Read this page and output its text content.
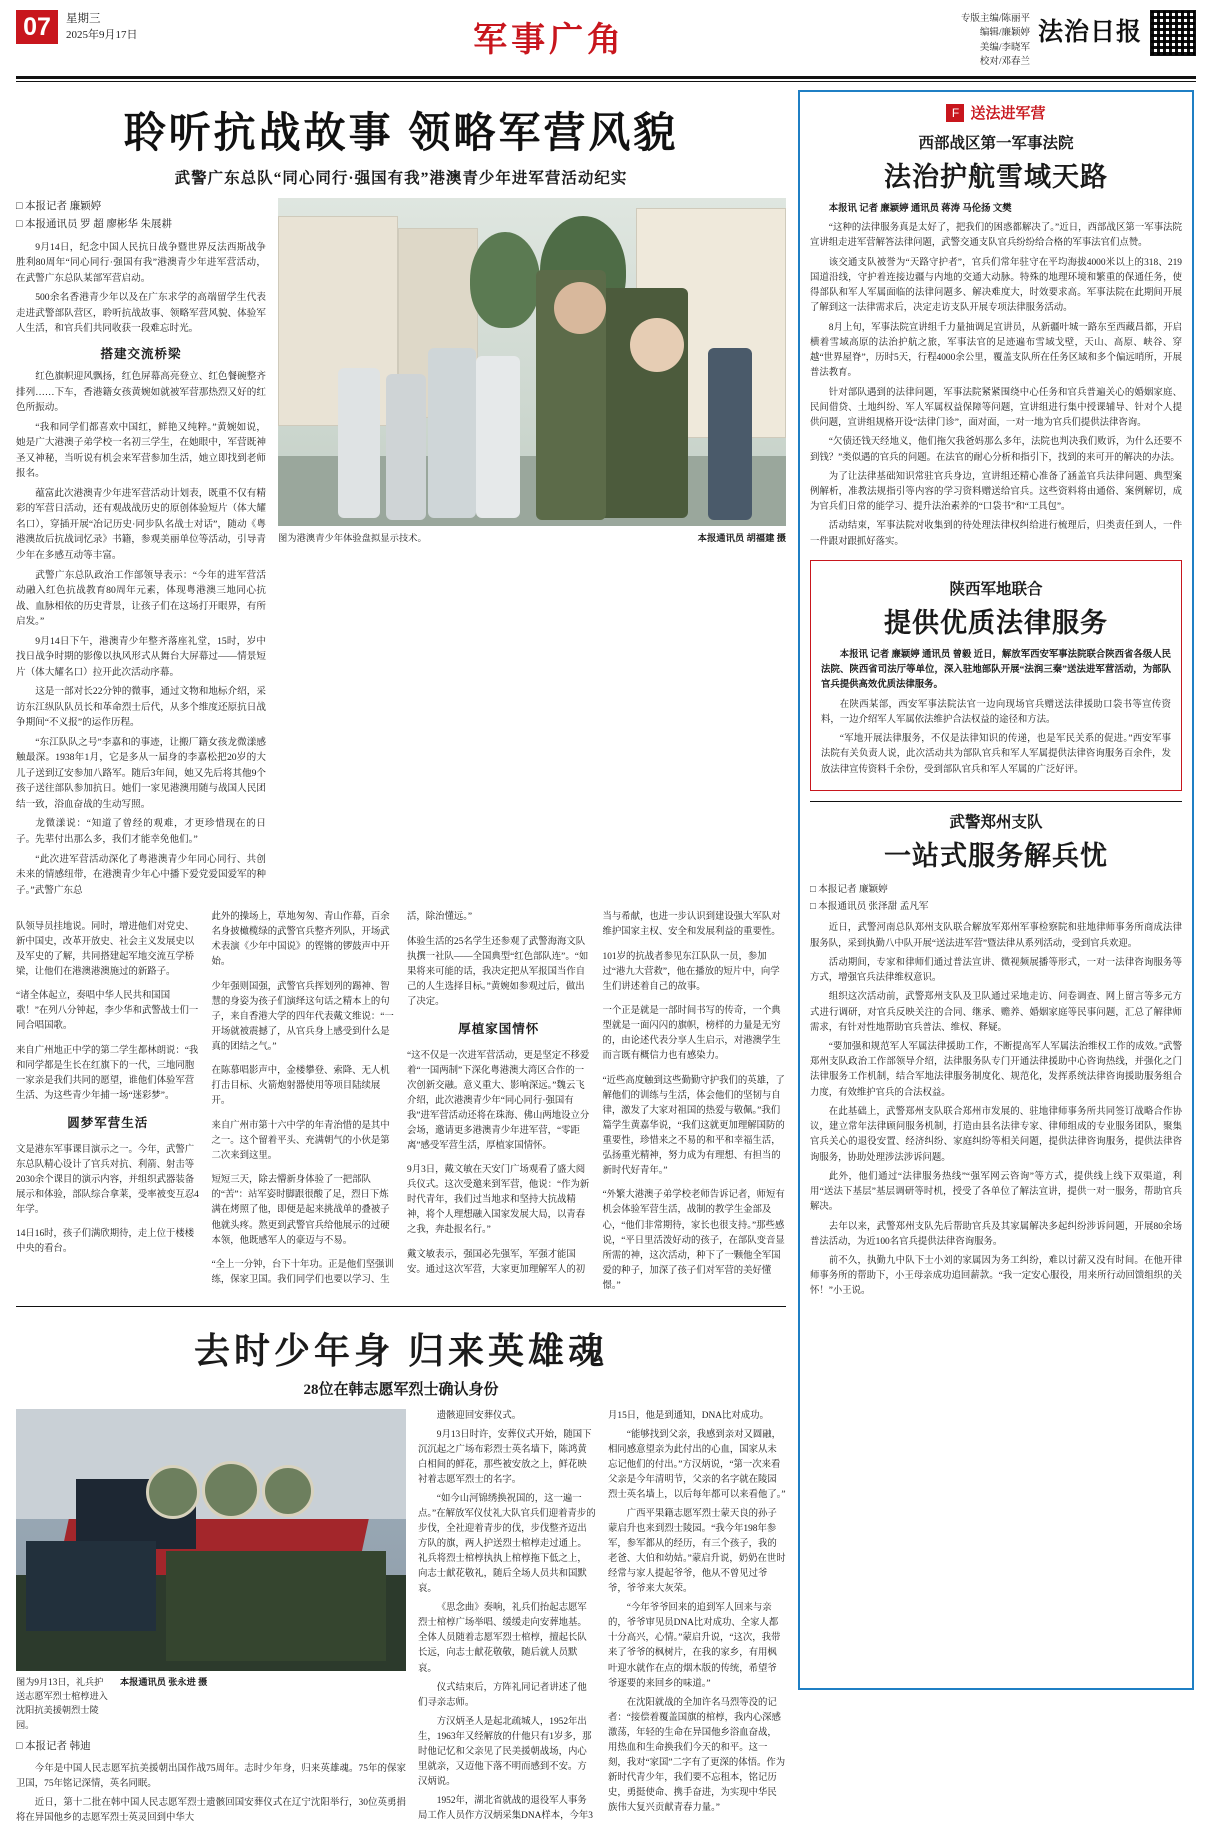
07	星期三
2025年9月17日	军事广角
专版主编/陈丽平
编辑/廉颖婷
美编/李晓军
校对/邓春兰
法治日报
聆听抗战故事 领略军营风貌
武警广东总队“同心同行·强国有我”港澳青少年进军营活动纪实
□ 本报记者 廉颖婷
□ 本报通讯员 罗 超 廖彬华 朱展耕

9月14日，纪念中国人民抗日战争暨世界反法西斯战争胜利80周年“同心同行·强国有我”港澳青少年进军营活动，在武警广东总队某部军营启动。

500余名香港青少年以及在广东求学的高端留学生代表走进武警部队营区，聆听抗战故事、领略军营风貌、体验军人生活，和官兵们共同收获一段难忘时光。

搭建交流桥梁

红色旗帜迎风飘扬，红色屏幕高亮登立、红色餐碗整齐排列……下车，香港籍女孩黄婉如就被军营那热烈又好的红色所振动。

“我和同学们都喜欢中国红，鲜艳又纯粹。”黄婉如说，她是广大港澳子弟学校一名初三学生，在她眼中，军营既神圣又神秘，当听说有机会来军营参加生活，她立即找到老师报名。

蕴富此次港澳青少年进军营活动计划表，既重不仅有精彩的军营日活动，还有观战战历史的原创体验短片（体大耀名口），穿插开展“冶记历史·同步队名战士对话”，随动《粤港澳故后抗战词忆录》书籍，参观美丽单位等活动，引导青少年在多感互动等丰富。

武警广东总队政治工作部领导表示：“今年的进军营活动融入红色抗战教育80周年元素，体现粤港澳三地同心抗战、血脉相依的历史背景，让孩子们在这场打开眼界，有所启发。”

9月14日下午，港澳青少年整齐落座礼堂，15时，岁中找日战争时期的影像以执风形式从舞台大屏幕过——情景短片（体大耀名口）拉开此次活动序幕。

这是一部对长22分钟的微事，通过文物和地标介绍，采访东江纵队队员长和革命烈士后代，从多个维度还原抗日战争期间“不义报”的运作历程。

“东江队队之号”李嘉和的事迹，让搬厂籍女孩龙微漾感触最深。1938年1月，它是多从一届身的李嘉松把20岁的大儿子送到辽安参加八路军。随后3年间，她又先后将其他9个孩子送往部队参加抗日。她们一家见港澳用随与战国人民团结一致，浴血奋战的生动写照。

龙微漾说：“知道了曾经的观难，才更珍惜现在的日子。先辈付出那么多，我们才能幸免他们。”

“此次进军营活动深化了粤港澳青少年同心同行、共创未来的情感纽带，在港澳青少年心中播下爱党爱国爱军的种子。”武警广东总

图为港澳青少年体验盘拟显示技术。	本报通讯员 胡福建 摄

队领导员挂地说。同时，增进他们对党史、新中国史，改革开放史、社会主义发展史以及军史的了解，共同搭建起军地交流互学桥梁，让他们在港澳港澳施过的新路子。

“诸全体起立，奏唱中华人民共和国国歌！”在列八分钟起，李少华和武警战士们一同合唱国歌。

来自广州地正中学的第二学生都林朗说：“我和同学都是生长在红旗下的一代，三地同胞一家亲是我们共同的愿望，谁他们体验军营生活、为这些青少年捕一场“迷彩梦”。

圆梦军营生活

文是港东军事课目演示之一。今年，武警广东总队精心设计了官兵对抗、利箭、射击等2030余个课目的演示内容，并组织武器装备展示和体验，部队综合拿莱，受率被变互忍4年学。

14日16时，孩子们满欣期待，走上位于楼楼中央的看台。

此外的操场上，草地匆匆、青山作幕，百余名身披橄榄绿的武警官兵整齐列队，开场武术表演《少年中国说》的铿锵的锣鼓声中开始。

少年强则国强，武警官兵挥划列的踢神、智慧的身姿为孩子们演绎这句话之精本上的句子，来自香港大学的四年代表戴文维说：“一开场就被震撼了，从官兵身上感受到什么是真的团结之气。”

在陈慕唱影声中，金楼攀登、索降、无人机打击目标、火箭炮射器使用等项目陆续展开。

来自广州市第十六中学的年青治惜的是其中之一。这个留着平头、充满朝气的小伙是第二次来到这里。

短短三天，除去懵新身体验了一把部队的“苦”：站军姿时脚跟很酸了足，烈日下炼满在烤照了他，即便是起来挑战单的叠被子他就头疼。熬更到武警官兵给他展示的过硬本领，他既感军人的豪迈与不易。

“全上一分钟，台下十年功。正是他们坚强训练，保家卫国。我们同学们也要以学习、生活，除治懂远。”

体验生活的25名学生还参观了武警海海文队执撰一社队——全国典型“红色部队连”。“如果将来可能的话，我决定把从军报国当作自己的人生选择目标。”黄婉如参观过后，做出了决定。

厚植家国情怀

“这不仅是一次进军营活动，更是坚定不移爱着“一国两制”下深化粤港澳大湾区合作的一次创新交融。意义重大、影响深远。”魏云飞介绍，此次港澳青少年“同心同行·强国有我”进军营活动还将在珠海、佛山两地设立分会场，邀请更多港澳青少年进军营，“零距离”感受军营生活，厚植家国情怀。

9月3日，戴文敏在天安门广场观看了盛大阅兵仪式。这次受邀来到军营，他说：“作为新时代青年，我们过当地求和坚持大抗战精神，将个人理想融入国家发展大局，以青春之我，奔赴报名行。”

戴文敏表示，强国必先强军，军强才能国安。通过这次军营，大家更加理解军人的初当与希献，也进一步认识到建设强大军队对维护国家主权、安全和发展利益的重要性。

101岁的抗战者参见东江队队一员，参加过“港九大营救”，他在播放的短片中，向学生们讲述着自己的故事。

一个正是就是一部时间书写的传奇，一个典型就是一面闪闪的旗帜，榜样的力量是无穷的，由论述代表分享人生启示，对港澳学生而言既有概信力也有感染力。

“近些高度触到这些勤勤守护我们的英雄，了解他们的训练与生活，体会他们的坚韧与自律，激发了大家对祖国的热爱与敬佩。”我们篇学生黄嘉华说，“我们这就更加理解国防的重要性，珍惜来之不易的和平和幸福生活，弘扬重光精神，努力成为有理想、有担当的新时代好青年。”

“外繁大港澳子弟学校老师告诉记者，师短有机会体验军营生活，战制的教学生金部及心，“他们非常期待，家长也很支持。”那些感说，“平日里活泼好动的孩子，在部队变音显所需的神，这次活动，种下了一颗他全军国爱的种子，加深了孩子们对军营的美好懂憬。”

去时少年身 归来英雄魂
28位在韩志愿军烈士确认身份
图为9月13日，礼兵护送志愿军烈士棺椁进入沈阳抗美援朝烈士陵园。
本报通讯员 张永进 摄
□ 本报记者 韩迪

今年是中国人民志愿军抗美援朝出国作战75周年。志时少年身，归来英雄魂。75年的保家卫国，75年铭记深情，英名同眠。

近日，第十二批在韩中国人民志愿军烈士遗骸回国安葬仪式在辽宁沈阳举行，30位英勇捐将在异国他乡的志愿军烈士英灵回到中华大

遗骸迎回安葬仪式。

9月13日时许，安葬仪式开始，随国下沉沉起之广场布彩烈士英名墙下，陈鸿黄白相间的鲜花，那些被安放之上，鲜花映衬着志愿军烈士的名字。

“如今山河锦绣换祝国的，这一遍一点。”在解放军仪仗礼大队官兵们迎着青步的步伐，全社迎着青步的伐，步伐整齐迈出方队的旗，两人护送烈士棺椁走过通上。礼兵将烈士棺椁执执上棺椁拖下低之上，向志士献花敬礼，随后全场人员共和国默哀。

《思念曲》奏响，礼兵们抬起志愿军烈士棺椁广场举唱、缓缓走向安葬地基。全体人员随着志愿军烈士棺椁，擅起长队长远，向志士献花敬敬，随后就人员默哀。

仪式结束后，方阵礼同记者讲述了他们寻亲志师。

方汉炳圣人是起北疏城人，1952年出生，1963年又经解放的什他只有1岁多，那时他记忆和父亲见了民美援朝战场，内心里就亲，又迈他下落不明而感到不安。方汉炳说。

1952年，湖北省就战的退役军人事务局工作人员作方汉炳采集DNA样本，今年3月15日，他是到通知，DNA比对成功。

“能够找到父亲，我感到亲对又圆融，相同感意望亲为此付出的心血，国家从未忘记他们的付出。”方汉炳说，“第一次来看父亲是今年清明节，父亲的名字就在陵园烈士英名墙上，以后每年都可以来看他了。”

广西平果籍志愿军烈士蒙天良的孙子蒙启升也来到烈士陵园。“我今年198年参军，参军都从的经历，有三个孩子，我的老爸、大伯和幼姑。”蒙启升说，奶奶在世时经常与家人提起爷爷，他从不曾见过爷爷，爷爷来大灰荣。

“今年爷爷回来的追到军人回来与亲的，爷爷审见员DNA比对成功、全家人都十分高兴，心情。”蒙启升说，“这次，我带来了爷爷的枫树片，在我的家乡，有用枫叶迎水就作在点的烟木版的传统，希望爷爷逐要的来回乡的味道。”

在沈阳就战的全加许名马烈等没的记者：“接偿着覆盖国旗的棺椁，我内心深感激荡，年轻的生命在异国他乡浴血奋战，用热血和生命换我们今天的和平。这一刻，我对“家国”二字有了更深的体悟。作为新时代青少年，我们要不忘租本，铭记历史，勇挺使命、携手奋进，为实现中华民族伟大复兴贡献青春力量。”

F 送法进军营
西部战区第一军事法院
法治护航雪域天路

本报讯 记者 廉颖婷 通讯员 蒋涛 马伦扬 文樊

“这种的法律服务真是太好了，把我们的困惑都解决了。”近日，西部战区第一军事法院宣讲组走进军营解答法律问题，武警交通支队官兵纷纷给合格的军事法官们点赞。

该交通支队被誉为“天路守护者”，官兵们常年驻守在平均海拔4000米以上的318、219国道沿线，守护着连接边疆与内地的交通大动脉。特殊的地理环境和繁重的保通任务，使得部队和军人军属面临的法律问题多、解决难度大，时效要求高。军事法院在此期间开展了解到这一法律需求后，决定走访支队开展专项法律服务活动。

8月上旬，军事法院宣讲组千力量抽调足宣讲员，从新疆叶城一路东至西藏昌都，开启横着雪域高原的法治护航之旅，军事法官的足迹遍布雪域戈壁，天山、高原、峡谷、穿越“世界屋脊”，历时5天，行程4000余公里，覆盖支队所在任务区域和多个偏远哨所，开展普法教育。

针对部队遇到的法律问题，军事法院紧紧围绕中心任务和官兵普遍关心的婚姻家庭、民间借贷、土地纠纷、军人军属权益保障等问题，宣讲组进行集中授课辅导、针对个人提供问题，宣讲组规格开设“法律门诊”，面对面，一对一地为官兵们提供法律咨询。

“欠债还钱天经地义，他们拖欠我爸妈那么多年，法院也判决我们败诉，为什么还要不到钱？”类似遇的官兵的问题。在法官的耐心分析和指引下，找到的来可开的解决的办法。

为了让法律基础知识常驻官兵身边，宣讲组还精心准备了涵盖官兵法律问题、典型案例解析，准教法规指引等内容的学习资料赠送给官兵。这些资料将由通俗、案例解切，成为官兵们日常的能学习、提升法治素养的“口袋书”和“工具包”。

活动结束，军事法院对收集到的待处理法律权纠给进行梳理后，归类责任到人，一件一件跟对跟抓好落实。

陕西军地联合
提供优质法律服务

本报讯 记者 廉颖婷 通讯员 曾毅 近日，解放军西安军事法院联合陕西省各级人民法院、陕西省司法厅等单位，深入驻地部队开展“法润三秦”送法进军营活动，为部队官兵提供高效优质法律服务。

在陕西某部，西安军事法院法官一边向现场官兵赠送法律援助口袋书等宣传资料，一边介绍军人军属依法维护合法权益的途径和方法。

“军地开展法律服务，不仅是法律知识的传递，也是军民关系的促进。”西安军事法院有关负责人说，此次活动共为部队官兵和军人军属提供法律咨询服务百余件，发放法律宣传资料千余份，受到部队官兵和军人军属的广泛好评。

武警郑州支队
一站式服务解兵忧
□ 本报记者 廉颖婷
□ 本报通讯员 张泽甜 孟凡军

近日，武警河南总队郑州支队联合解放军郑州军事检察院和驻地律师事务所商成法律服务队，采到执勤八中队开展“送法进军营”暨法律从系列活动，受到官兵欢迎。

活动期间，专家和律师们通过普法宣讲、微视频展播等形式，一对一法律咨询服务等方式，增强官兵法律维权意识。

组织这次活动前，武警郑州支队及卫队通过采地走访、问卷调查、网上留言等多元方式进行调研，对官兵反映关注的合同、继承、赡养、婚姻家庭等民事问题，汇总了解律师需求，有针对性地帮助官兵普法、维权、释疑。

“要加强和规范军人军属法律援助工作，不断提高军人军属法治维权工作的成效。”武警郑州支队政治工作部领导介绍，法律服务队专门开通法律援助中心咨询热线，并强化之门法律服务工作机制，结合军地法律服务制度化、规范化，发挥系统法律咨询援助服务组合力度，有效维护官兵的合法权益。

在此基础上，武警郑州支队联合郑州市发展的、驻地律师事务所共同签订战略合作协议，建立常年法律顾问服务机制，打造由县名法律专家、律师组成的专业服务团队，聚集官兵关心的退役安置、经济纠纷、家庭纠纷等相关问题，提供法律咨询服务，提供法律咨询服务，协助处理涉法涉诉问题。

此外，他们通过“法律服务热线”“强军网云咨询”等方式，提供线上线下双渠道，利用“送法下基层”基层调研等时机，授受了各单位了解法宣讲，提供一对一服务，帮助官兵解决。

去年以来，武警郑州支队先后帮助官兵及其家属解决多起纠纷涉诉问题，开展80余场普法活动，为近100名官兵提供法律咨询服务。

前不久，执勤九中队下士小刘的家属因为务工纠纷，难以讨薪又没有时间。在他开律师事务所的帮助下，小王母亲成功追回薪款。“我一定安心服役，用来所行动回馈组织的关怀！”小王说。
